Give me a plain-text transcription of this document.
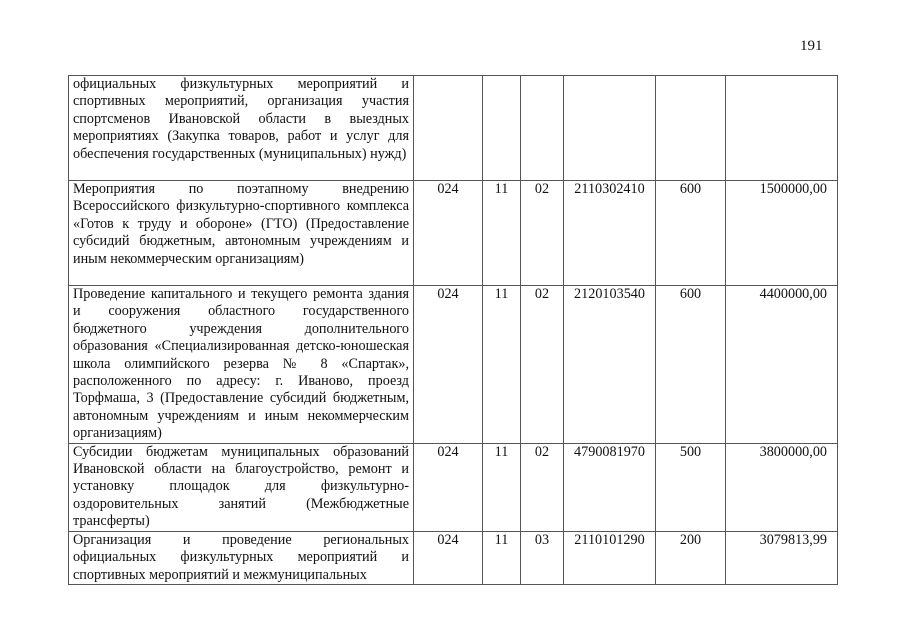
191
официальных физкультурных мероприятий и спортивных мероприятий, организация участия спортсменов Ивановской области в выездных мероприятиях (Закупка товаров, работ и услуг для обеспечения государственных (муниципальных) нужд)						
Мероприятия по поэтапному внедрению Всероссийского физкультурно-спортивного комплекса «Готов к труду и обороне» (ГТО) (Предоставление субсидий бюджетным, автономным учреждениям и иным некоммерческим организациям)	024	11	02	2110302410	600	1500000,00
Проведение капитального и текущего ремонта здания и сооружения областного государственного бюджетного учреждения дополнительного образования «Специализированная детско-юношеская школа олимпийского резерва № 8 «Спартак», расположенного по адресу: г. Иваново, проезд Торфмаша, 3 (Предоставление субсидий бюджетным, автономным учреждениям и иным некоммерческим организациям)	024	11	02	2120103540	600	4400000,00
Субсидии бюджетам муниципальных образований Ивановской области на благоустройство, ремонт и установку площадок для физкультурно-оздоровительных занятий (Межбюджетные трансферты)	024	11	02	4790081970	500	3800000,00
Организация и проведение региональных официальных физкультурных мероприятий и спортивных мероприятий и межмуниципальных	024	11	03	2110101290	200	3079813,99
